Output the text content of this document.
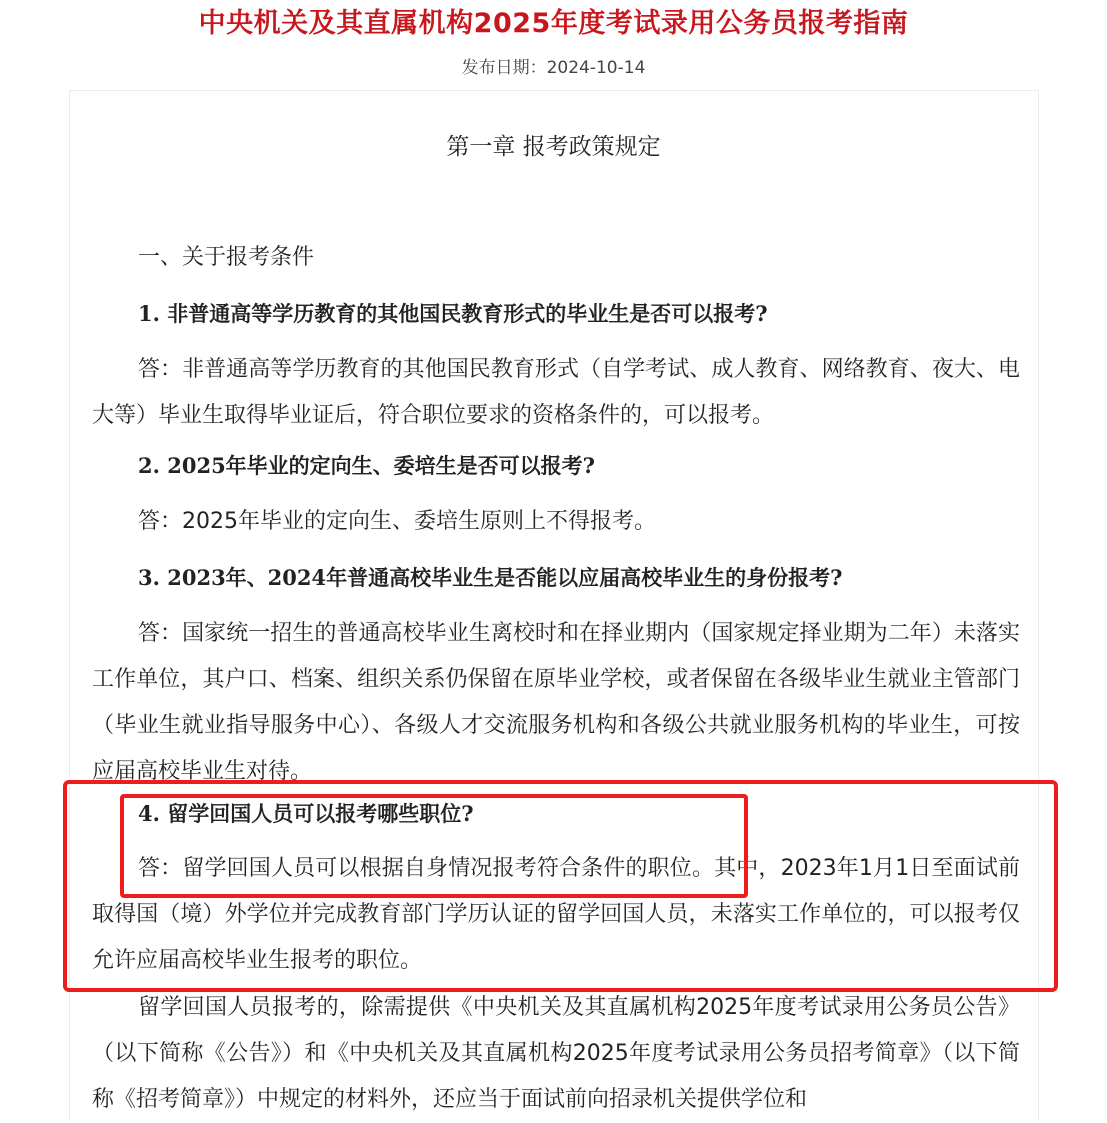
中央机关及其直属机构2025年度考试录用公务员报考指南
发布日期：2024-10-14
第一章 报考政策规定
一、关于报考条件

1. 非普通高等学历教育的其他国民教育形式的毕业生是否可以报考?

答：非普通高等学历教育的其他国民教育形式（自学考试、成人教育、网络教育、夜大、电大等）毕业生取得毕业证后，符合职位要求的资格条件的，可以报考。

2. 2025年毕业的定向生、委培生是否可以报考?

答：2025年毕业的定向生、委培生原则上不得报考。

3. 2023年、2024年普通高校毕业生是否能以应届高校毕业生的身份报考?

答：国家统一招生的普通高校毕业生离校时和在择业期内（国家规定择业期为二年）未落实工作单位，其户口、档案、组织关系仍保留在原毕业学校，或者保留在各级毕业生就业主管部门（毕业生就业指导服务中心）、各级人才交流服务机构和各级公共就业服务机构的毕业生，可按应届高校毕业生对待。

4. 留学回国人员可以报考哪些职位?

答：留学回国人员可以根据自身情况报考符合条件的职位。其中，2023年1月1日至面试前取得国（境）外学位并完成教育部门学历认证的留学回国人员，未落实工作单位的，可以报考仅允许应届高校毕业生报考的职位。

留学回国人员报考的，除需提供《中央机关及其直属机构2025年度考试录用公务员公告》（以下简称《公告》）和《中央机关及其直属机构2025年度考试录用公务员招考简章》（以下简称《招考简章》）中规定的材料外，还应当于面试前向招录机关提供学位和
